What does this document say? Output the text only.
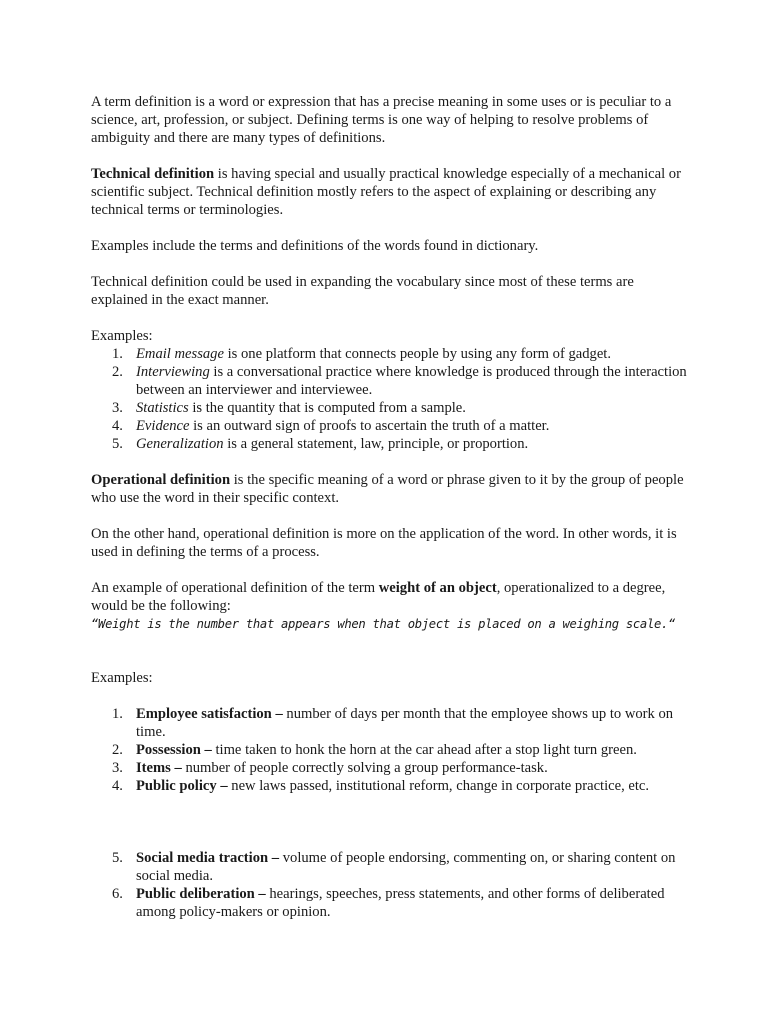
A term definition is a word or expression that has a precise meaning in some uses or is peculiar to a science, art, profession, or subject. Defining terms is one way of helping to resolve problems of ambiguity and there are many types of definitions.

Technical definition is having special and usually practical knowledge especially of a mechanical or scientific subject. Technical definition mostly refers to the aspect of explaining or describing any technical terms or terminologies.

Examples include the terms and definitions of the words found in dictionary.

Technical definition could be used in expanding the vocabulary since most of these terms are explained in the exact manner.

Examples:

1. Email message is one platform that connects people by using any form of gadget.
2. Interviewing is a conversational practice where knowledge is produced through the interaction between an interviewer and interviewee.
3. Statistics is the quantity that is computed from a sample.
4. Evidence is an outward sign of proofs to ascertain the truth of a matter.
5. Generalization is a general statement, law, principle, or proportion.

Operational definition is the specific meaning of a word or phrase given to it by the group of people who use the word in their specific context.

On the other hand, operational definition is more on the application of the word. In other words, it is used in defining the terms of a process.

An example of operational definition of the term weight of an object, operationalized to a degree, would be the following:

“Weight is the number that appears when that object is placed on a weighing scale.“

Examples:

1. Employee satisfaction – number of days per month that the employee shows up to work on time.
2. Possession – time taken to honk the horn at the car ahead after a stop light turn green.
3. Items – number of people correctly solving a group performance-task.
4. Public policy – new laws passed, institutional reform, change in corporate practice, etc.
5. Social media traction – volume of people endorsing, commenting on, or sharing content on social media.
6. Public deliberation – hearings, speeches, press statements, and other forms of deliberated among policy-makers or opinion.
